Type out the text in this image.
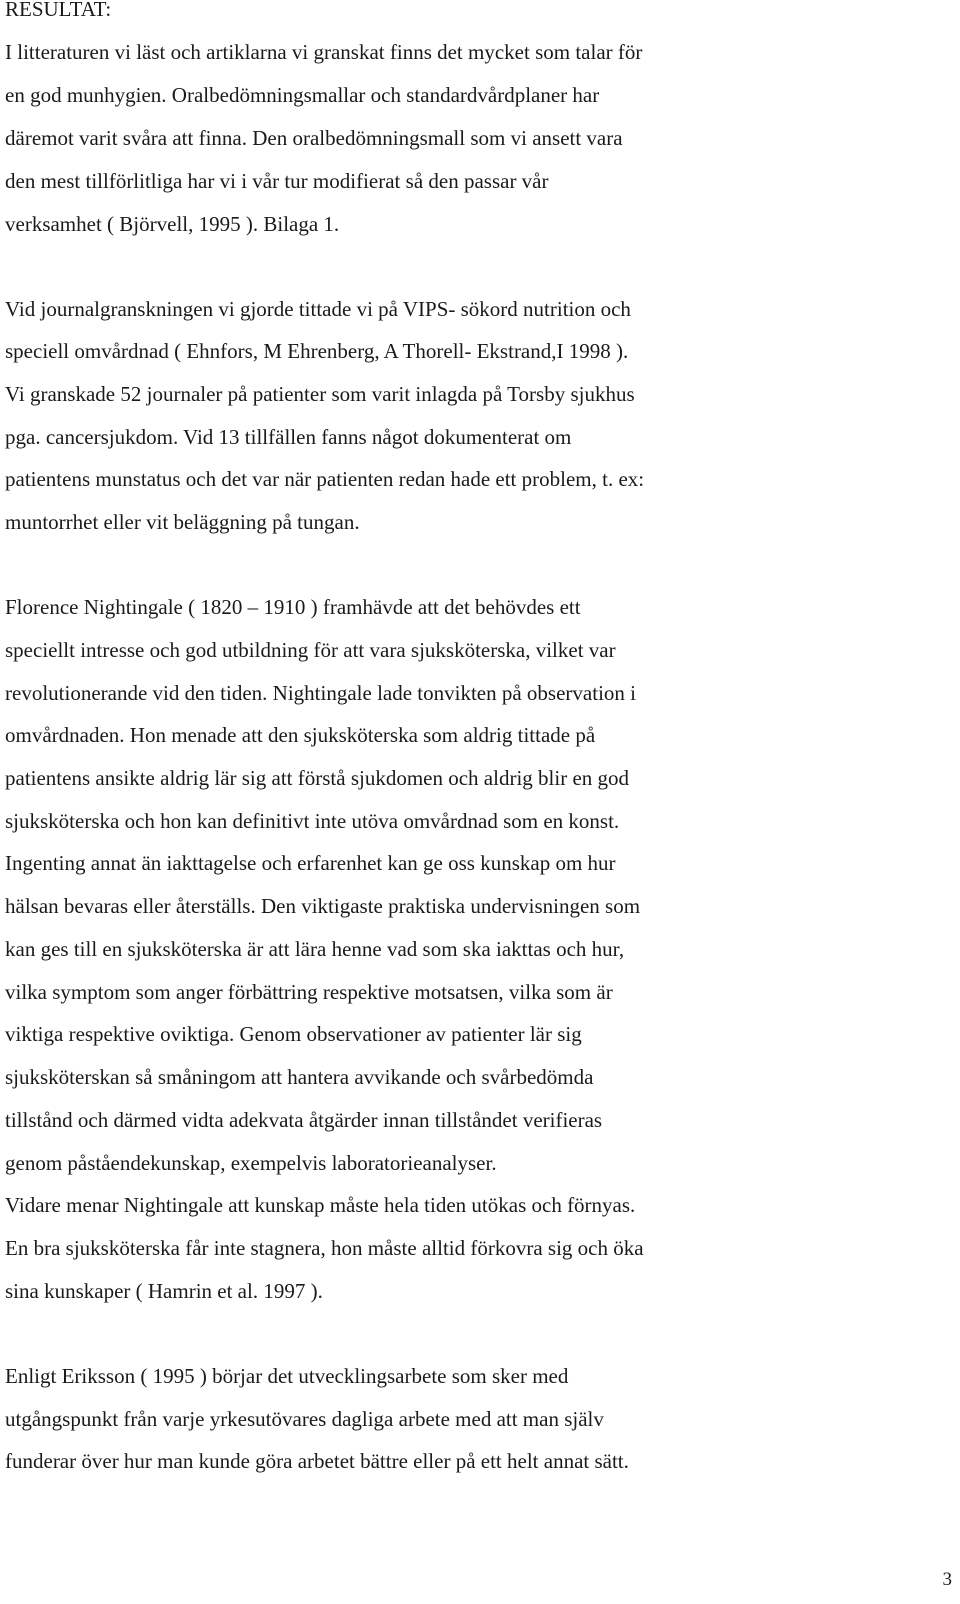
RESULTAT:
I litteraturen vi läst och artiklarna vi granskat finns det mycket som talar för
en god munhygien. Oralbedömningsmallar och standardvårdplaner har
däremot varit svåra att finna. Den oralbedömningsmall som vi ansett vara
den mest tillförlitliga har vi i vår tur modifierat så den passar vår
verksamhet ( Björvell, 1995 ). Bilaga 1.
Vid journalgranskningen vi gjorde tittade vi på VIPS- sökord nutrition och
speciell omvårdnad ( Ehnfors, M Ehrenberg, A Thorell- Ekstrand,I 1998 ).
Vi granskade 52 journaler på patienter som varit inlagda på Torsby sjukhus
pga. cancersjukdom. Vid 13 tillfällen fanns något dokumenterat om
patientens munstatus och det var när patienten redan hade ett problem, t. ex:
muntorrhet eller vit beläggning på tungan.
Florence Nightingale ( 1820 – 1910 ) framhävde att det behövdes ett
speciellt intresse och god utbildning för att vara sjuksköterska, vilket var
revolutionerande vid den tiden. Nightingale lade tonvikten på observation i
omvårdnaden. Hon menade att den sjuksköterska som aldrig tittade på
patientens ansikte aldrig lär sig att förstå sjukdomen och aldrig blir en god
sjuksköterska och hon kan definitivt inte utöva omvårdnad som en konst.
Ingenting annat än iakttagelse och erfarenhet kan ge oss kunskap om hur
hälsan bevaras eller återställs. Den viktigaste praktiska undervisningen som
kan ges till en sjuksköterska är att lära henne vad som ska iakttas och hur,
vilka symptom som anger förbättring respektive motsatsen, vilka som är
viktiga respektive oviktiga. Genom observationer av patienter lär sig
sjuksköterskan så småningom att hantera avvikande och svårbedömda
tillstånd och därmed vidta adekvata åtgärder innan tillståndet verifieras
genom påståendekunskap, exempelvis laboratorieanalyser.
Vidare menar Nightingale att kunskap måste hela tiden utökas och förnyas.
En bra sjuksköterska får inte stagnera, hon måste alltid förkovra sig och öka
sina kunskaper ( Hamrin et al. 1997 ).
Enligt Eriksson ( 1995 ) börjar det utvecklingsarbete som sker med
utgångspunkt från varje yrkesutövares dagliga arbete med att man själv
funderar över hur man kunde göra arbetet bättre eller på ett helt annat sätt.
3
